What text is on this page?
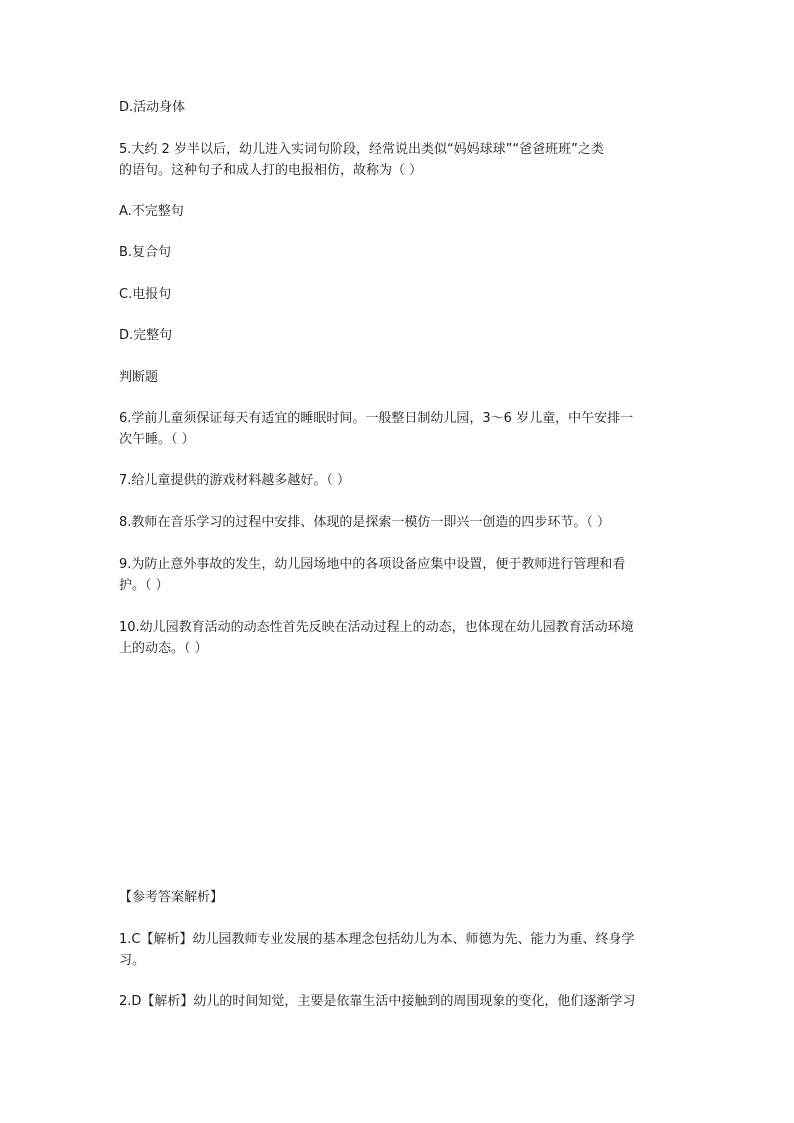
D.活动身体

5.大约 2 岁半以后，幼儿进入实词句阶段，经常说出类似“妈妈球球”“爸爸班班”之类
的语句。这种句子和成人打的电报相仿，故称为（ ）

A.不完整句

B.复合句

C.电报句

D.完整句

判断题

6.学前儿童须保证每天有适宜的睡眠时间。一般整日制幼儿园，3～6 岁儿童，中午安排一
次午睡。（ ）

7.给儿童提供的游戏材料越多越好。（ ）

8.教师在音乐学习的过程中安排、体现的是探索一模仿一即兴一创造的四步环节。（ ）

9.为防止意外事故的发生，幼儿园场地中的各项设备应集中设置，便于教师进行管理和看
护。（ ）
10.幼儿园教育活动的动态性首先反映在活动过程上的动态，也体现在幼儿园教育活动环境
上的动态。（ ）

【参考答案解析】

1.C【解析】幼儿园教师专业发展的基本理念包括幼儿为本、师德为先、能力为重、终身学
习。
2.D【解析】幼儿的时间知觉，主要是依靠生活中接触到的周围现象的变化，他们逐渐学习
